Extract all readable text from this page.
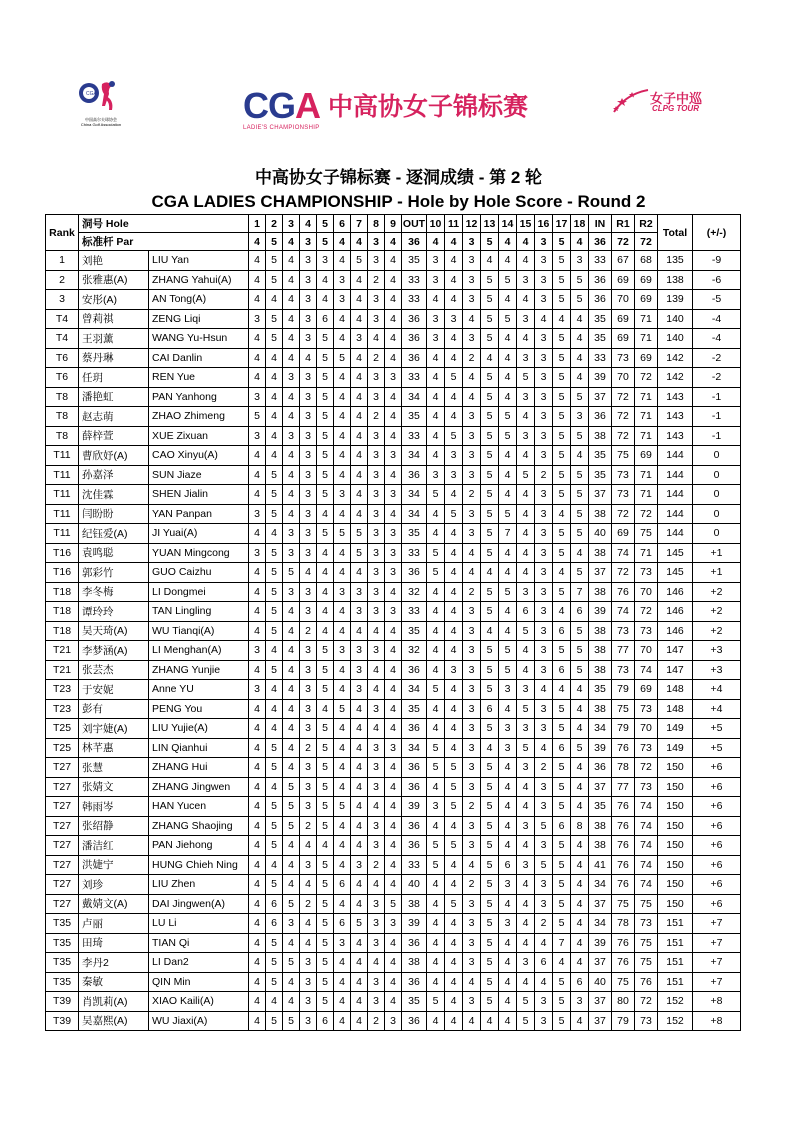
CGA
中国高尔夫球协会
China Golf Association	CGA 中高协女子锦标赛
LADIE'S CHAMPIONSHIP
女子中巡
CLPG TOUR
中高协女子锦标赛 - 逐洞成绩 - 第 2 轮
CGA LADIES CHAMPIONSHIP - Hole by Hole Score - Round 2
Rank	洞号 Hole		1	2	3	4	5	6	7	8	9	OUT	10	11	12	13	14	15	16	17	18	IN	R1	R2	Total	(+/-)
	标准杆 Par		4	5	4	3	5	4	4	3	4	36	4	4	3	5	4	4	3	5	4	36	72	72		
1	刘艳	LIU Yan	4	5	4	3	3	4	5	3	4	35	3	4	3	4	4	4	3	5	3	33	67	68	135	-9
2	张雅惠(A)	ZHANG Yahui(A)	4	5	4	3	4	3	4	2	4	33	3	4	3	5	5	3	3	5	5	36	69	69	138	-6
3	安彤(A)	AN Tong(A)	4	4	4	3	4	3	4	3	4	33	4	4	3	5	4	4	3	5	5	36	70	69	139	-5
T4	曾莉祺	ZENG Liqi	3	5	4	3	6	4	4	3	4	36	3	3	4	5	5	3	4	4	4	35	69	71	140	-4
T4	王羽薰	WANG Yu-Hsun	4	5	4	3	5	4	3	4	4	36	3	4	3	5	4	4	3	5	4	35	69	71	140	-4
T6	蔡丹琳	CAI Danlin	4	4	4	4	5	5	4	2	4	36	4	4	2	4	4	3	3	5	4	33	73	69	142	-2
T6	任玥	REN Yue	4	4	3	3	5	4	4	3	3	33	4	5	4	5	4	5	3	5	4	39	70	72	142	-2
T8	潘艳虹	PAN Yanhong	3	4	4	3	5	4	4	3	4	34	4	4	4	5	4	3	3	5	5	37	72	71	143	-1
T8	赵志萌	ZHAO Zhimeng	5	4	4	3	5	4	4	2	4	35	4	4	3	5	5	4	3	5	3	36	72	71	143	-1
T8	薛梓萱	XUE Zixuan	3	4	3	3	5	4	4	3	4	33	4	5	3	5	5	3	3	5	5	38	72	71	143	-1
T11	曹欣妤(A)	CAO Xinyu(A)	4	4	4	3	5	4	4	3	3	34	4	3	3	5	4	4	3	5	4	35	75	69	144	0
T11	孙嘉泽	SUN Jiaze	4	5	4	3	5	4	4	3	4	36	3	3	3	5	4	5	2	5	5	35	73	71	144	0
T11	沈佳霖	SHEN Jialin	4	5	4	3	5	3	4	3	3	34	5	4	2	5	4	4	3	5	5	37	73	71	144	0
T11	闫盼盼	YAN Panpan	3	5	4	3	4	4	4	3	4	34	4	5	3	5	5	4	3	4	5	38	72	72	144	0
T11	纪钰爱(A)	JI Yuai(A)	4	4	3	3	5	5	5	3	3	35	4	4	3	5	7	4	3	5	5	40	69	75	144	0
T16	袁鸣聪	YUAN Mingcong	3	5	3	3	4	4	5	3	3	33	5	4	4	5	4	4	3	5	4	38	74	71	145	+1
T16	郭彩竹	GUO Caizhu	4	5	5	4	4	4	4	3	3	36	5	4	4	4	4	4	3	4	5	37	72	73	145	+1
T18	李冬梅	LI Dongmei	4	5	3	3	4	3	3	3	4	32	4	4	2	5	5	3	3	5	7	38	76	70	146	+2
T18	谭玲玲	TAN Lingling	4	5	4	3	4	4	3	3	3	33	4	4	3	5	4	6	3	4	6	39	74	72	146	+2
T18	吴天琦(A)	WU Tianqi(A)	4	5	4	2	4	4	4	4	4	35	4	4	3	4	4	5	3	6	5	38	73	73	146	+2
T21	李梦涵(A)	LI Menghan(A)	3	4	4	3	5	3	3	3	4	32	4	4	3	5	5	4	3	5	5	38	77	70	147	+3
T21	张芸杰	ZHANG Yunjie	4	5	4	3	5	4	3	4	4	36	4	3	3	5	5	4	3	6	5	38	73	74	147	+3
T23	于安妮	Anne YU	3	4	4	3	5	4	3	4	4	34	5	4	3	5	3	3	4	4	4	35	79	69	148	+4
T23	彭有	PENG You	4	4	4	3	4	5	4	3	4	35	4	4	3	6	4	5	3	5	4	38	75	73	148	+4
T25	刘宇婕(A)	LIU Yujie(A)	4	4	4	3	5	4	4	4	4	36	4	4	3	5	3	3	3	5	4	34	79	70	149	+5
T25	林芊惠	LIN Qianhui	4	5	4	2	5	4	4	3	3	34	5	4	3	4	3	5	4	6	5	39	76	73	149	+5
T27	张慧	ZHANG Hui	4	5	4	3	5	4	4	3	4	36	5	5	3	5	4	3	2	5	4	36	78	72	150	+6
T27	张婧文	ZHANG Jingwen	4	4	5	3	5	4	4	3	4	36	4	5	3	5	4	4	3	5	4	37	77	73	150	+6
T27	韩雨岑	HAN Yucen	4	5	5	3	5	5	4	4	4	39	3	5	2	5	4	4	3	5	4	35	76	74	150	+6
T27	张绍静	ZHANG Shaojing	4	5	5	2	5	4	4	3	4	36	4	4	3	5	4	3	5	6	8	38	76	74	150	+6
T27	潘洁红	PAN Jiehong	4	5	4	4	4	4	4	3	4	36	5	5	3	5	4	4	3	5	4	38	76	74	150	+6
T27	洪婕宁	HUNG Chieh Ning	4	4	4	3	5	4	3	2	4	33	5	4	4	5	6	3	5	5	4	41	76	74	150	+6
T27	刘珍	LIU Zhen	4	5	4	4	5	6	4	4	4	40	4	4	2	5	3	4	3	5	4	34	76	74	150	+6
T27	戴婧文(A)	DAI Jingwen(A)	4	6	5	2	5	4	4	3	5	38	4	5	3	5	4	4	3	5	4	37	75	75	150	+6
T35	卢丽	LU Li	4	6	3	4	5	6	5	3	3	39	4	4	3	5	3	4	2	5	4	34	78	73	151	+7
T35	田琦	TIAN Qi	4	5	4	4	5	3	4	3	4	36	4	4	3	5	4	4	4	7	4	39	76	75	151	+7
T35	李丹2	LI Dan2	4	5	5	3	5	4	4	4	4	38	4	4	3	5	4	3	6	4	4	37	76	75	151	+7
T35	秦敏	QIN Min	4	5	4	3	5	4	4	3	4	36	4	4	4	5	4	4	4	5	6	40	75	76	151	+7
T39	肖凯莉(A)	XIAO Kaili(A)	4	4	4	3	5	4	4	3	4	35	5	4	3	5	4	5	3	5	3	37	80	72	152	+8
T39	吴嘉熙(A)	WU Jiaxi(A)	4	5	5	3	6	4	4	2	3	36	4	4	4	4	4	5	3	5	4	37	79	73	152	+8
